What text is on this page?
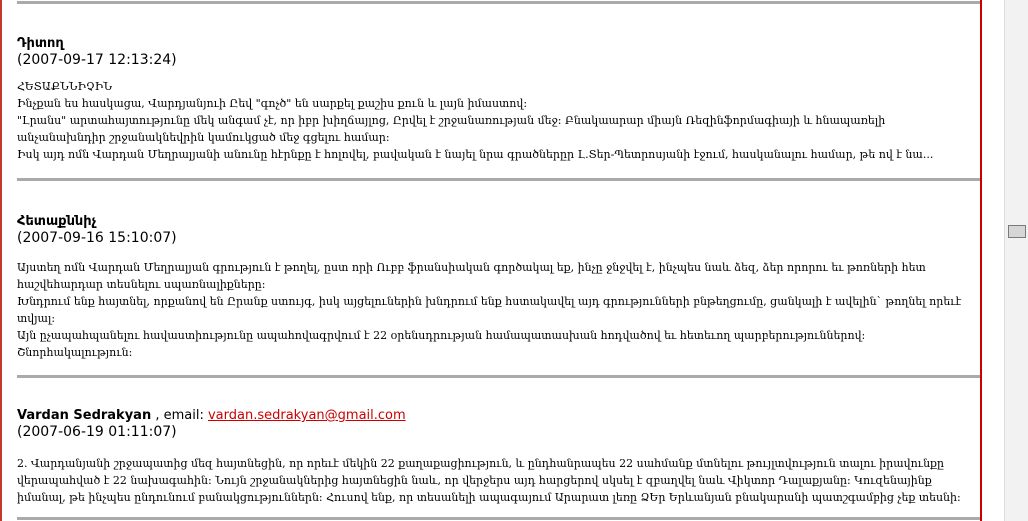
Դիտող
(2007-09-17 12:13:24)
ՀԵՏԱՔՆՆԻՉԻՆ
Ինչքան ես հասկացա, Վարդյանյուի Ըեվ "գոչծ" են սարքել քաշիս քուն և լայն իմաստով:
"Լրանս" արտահայտությունը մեկ անգամ չէ, որ իբր խիղճայլոց, Ըրվել է շրջանառության մեջ: Բնակաարար միայն Ռեզինֆորմագիայի և հնապառելի
անչանախնդիր շրջանակնեվրին կամուկցած մեջ գցելու համար:
Իսկ այդ ոմն Վարդան Մեղրալյանի անունը հէրնքը է հոլովել, բավական է նայել նրա գրածներըր Լ.Տեր-Պետրոսյանի էջում, հասկանալու համար, թե ով է նա...
Հետաքննիչ
(2007-09-16 15:10:07)
Այստեղ ոմն Վարդան Մեղրալյան գրություն է թողել, ըստ որի Ուբբ ֆրանսիական գործակալ եք, ինչը ջնջվել է, ինչպես նաև ձեզ, ձեր որորու եւ թոռների հետ
հաշվեհարդար տեսնելու սպառնալիքները:
Խնդրում ենք հայտնել, որքանով են Ըրանք ստույգ, իսկ այցելուներին խնդրում ենք հստակավել այդ գրությունների բնթեղցումը, ցանկալի է ավելին` թողնել որեւէ
տվյալ:
Այն ըչապահպանելու հավաստիությունը ապահովագրվում է 22 օրենսդրության համապատասխան հոդվածով եւ հետեւող պարբերություններով:
Շնորհակալություն:
Vardan Sedrakyan , email: vardan.sedrakyan@gmail.com
(2007-06-19 01:11:07)
2. Վարդանյանի շրջապատից մեզ հայտնեցին, որ որեւէ մեկին 22 քաղաքացիություն, և ընդհանրապես 22 սահմանք մտնելու թույլտվություն տալու իրավունքը
վերապահված է 22 նախագահին: Նույն շրջանակներից հայտնեցին նաև, որ վերջերս այդ հարցերով սկսել է զբաղվել նաև Վիկտոր Դալաքյանը: Կուզենայինք
իմանալ, թե ինչպես ընդունում բանակցություններն: Հուսով ենք, որ տեսանելի ապագայում Արարատ լեռը ՁԵր Երևանյան բնակարանի պատշգամբից չեք տեսնի:
